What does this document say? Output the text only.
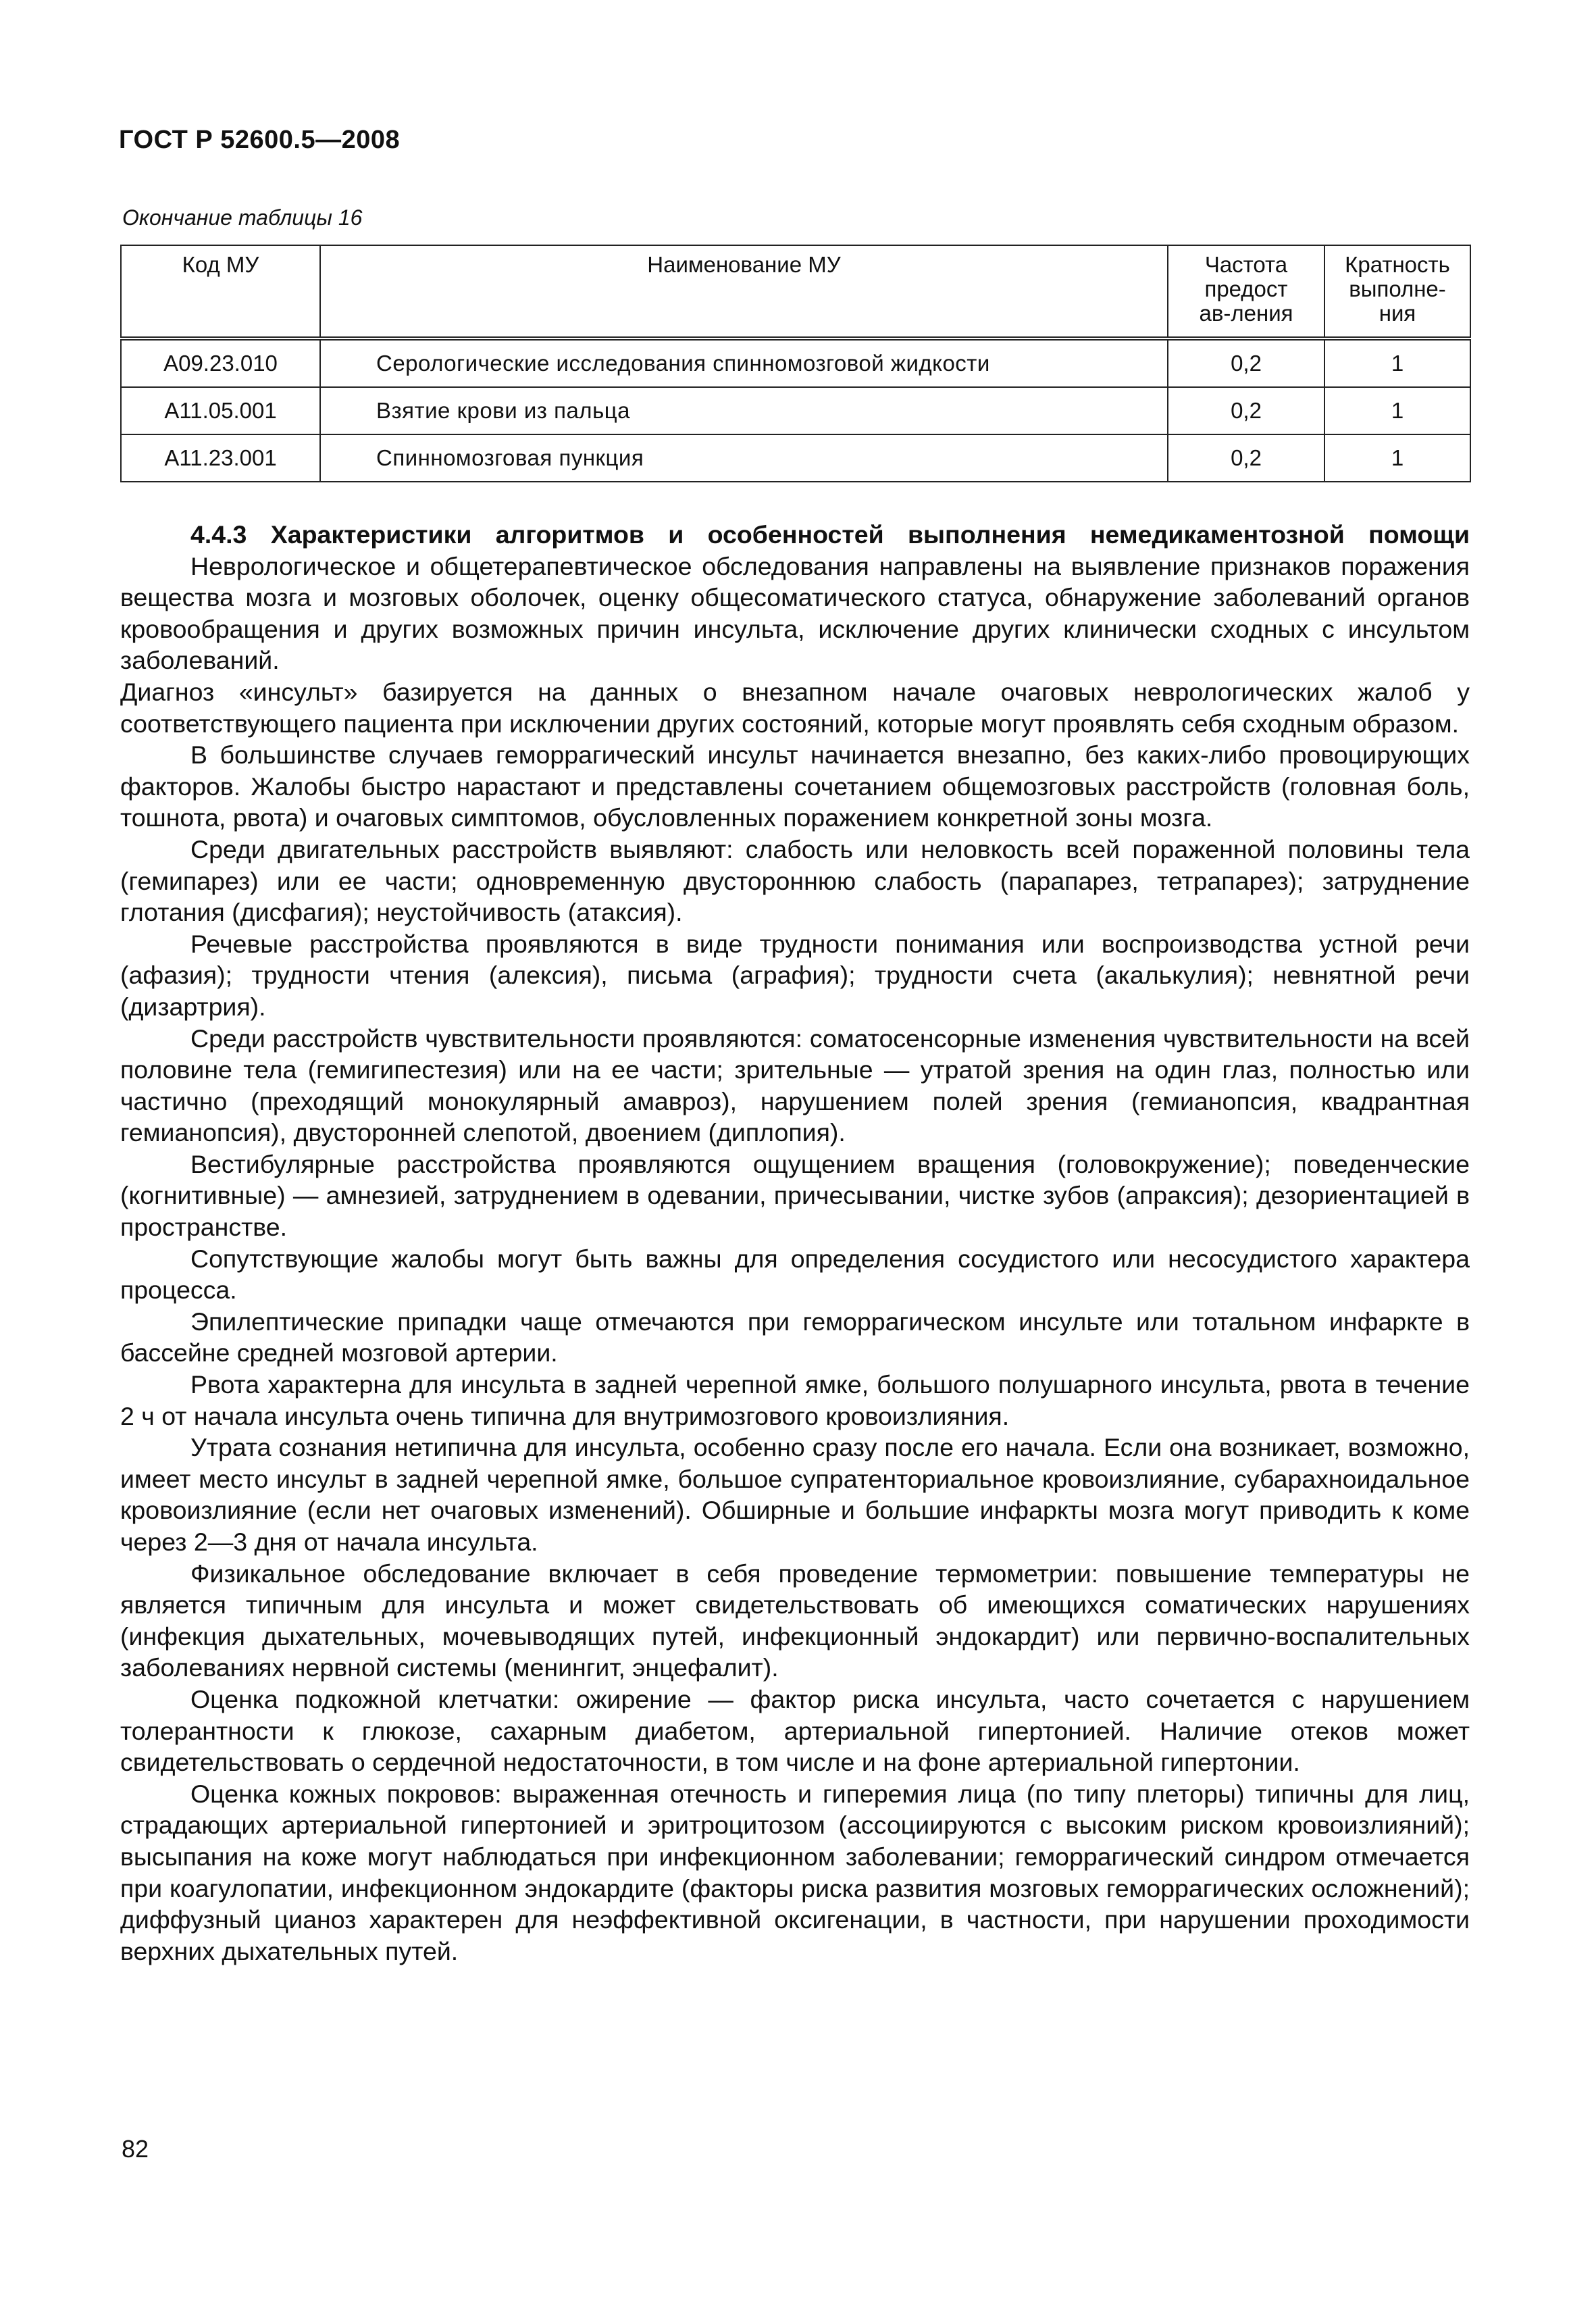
ГОСТ Р 52600.5—2008
Окончание таблицы 16
Код МУ	Наименование МУ	Частота предостав-ления	Кратность выполне-ния

A09.23.010	Серологические исследования спинномозговой жидкости	0,2	1
A11.05.001	Взятие крови из пальца	0,2	1
A11.23.001	Спинномозговая пункция	0,2	1
4.4.3 Характеристики алгоритмов и особенностей выполнения немедикаментозной помощи

Неврологическое и общетерапевтическое обследования направлены на выявление признаков поражения вещества мозга и мозговых оболочек, оценку общесоматического статуса, обнаружение заболеваний органов кровообращения и других возможных причин инсульта, исключение других клинически сходных с инсультом заболеваний.

Диагноз «инсульт» базируется на данных о внезапном начале очаговых неврологических жалоб у соответствующего пациента при исключении других состояний, которые могут проявлять себя сходным образом.

В большинстве случаев геморрагический инсульт начинается внезапно, без каких-либо провоцирующих факторов. Жалобы быстро нарастают и представлены сочетанием общемозговых расстройств (головная боль, тошнота, рвота) и очаговых симптомов, обусловленных поражением конкретной зоны мозга.

Среди двигательных расстройств выявляют: слабость или неловкость всей пораженной половины тела (гемипарез) или ее части; одновременную двустороннюю слабость (парапарез, тетрапарез); затруднение глотания (дисфагия); неустойчивость (атаксия).

Речевые расстройства проявляются в виде трудности понимания или воспроизводства устной речи (афазия); трудности чтения (алексия), письма (аграфия); трудности счета (акалькулия); невнятной речи (дизартрия).

Среди расстройств чувствительности проявляются: соматосенсорные изменения чувствительности на всей половине тела (гемигипестезия) или на ее части; зрительные — утратой зрения на один глаз, полностью или частично (преходящий монокулярный амавроз), нарушением полей зрения (гемианопсия, квадрантная гемианопсия), двусторонней слепотой, двоением (диплопия).

Вестибулярные расстройства проявляются ощущением вращения (головокружение); поведенческие (когнитивные) — амнезией, затруднением в одевании, причесывании, чистке зубов (апраксия); дезориентацией в пространстве.

Сопутствующие жалобы могут быть важны для определения сосудистого или несосудистого характера процесса.

Эпилептические припадки чаще отмечаются при геморрагическом инсульте или тотальном инфаркте в бассейне средней мозговой артерии.

Рвота характерна для инсульта в задней черепной ямке, большого полушарного инсульта, рвота в течение 2 ч от начала инсульта очень типична для внутримозгового кровоизлияния.

Утрата сознания нетипична для инсульта, особенно сразу после его начала. Если она возникает, возможно, имеет место инсульт в задней черепной ямке, большое супратенториальное кровоизлияние, субарахноидальное кровоизлияние (если нет очаговых изменений). Обширные и большие инфаркты мозга могут приводить к коме через 2—3 дня от начала инсульта.

Физикальное обследование включает в себя проведение термометрии: повышение температуры не является типичным для инсульта и может свидетельствовать об имеющихся соматических нарушениях (инфекция дыхательных, мочевыводящих путей, инфекционный эндокардит) или первично-воспалительных заболеваниях нервной системы (менингит, энцефалит).

Оценка подкожной клетчатки: ожирение — фактор риска инсульта, часто сочетается с нарушением толерантности к глюкозе, сахарным диабетом, артериальной гипертонией. Наличие отеков может свидетельствовать о сердечной недостаточности, в том числе и на фоне артериальной гипертонии.

Оценка кожных покровов: выраженная отечность и гиперемия лица (по типу плеторы) типичны для лиц, страдающих артериальной гипертонией и эритроцитозом (ассоциируются с высоким риском кровоизлияний); высыпания на коже могут наблюдаться при инфекционном заболевании; геморрагический синдром отмечается при коагулопатии, инфекционном эндокардите (факторы риска развития мозговых геморрагических осложнений); диффузный цианоз характерен для неэффективной оксигенации, в частности, при нарушении проходимости верхних дыхательных путей.

82
